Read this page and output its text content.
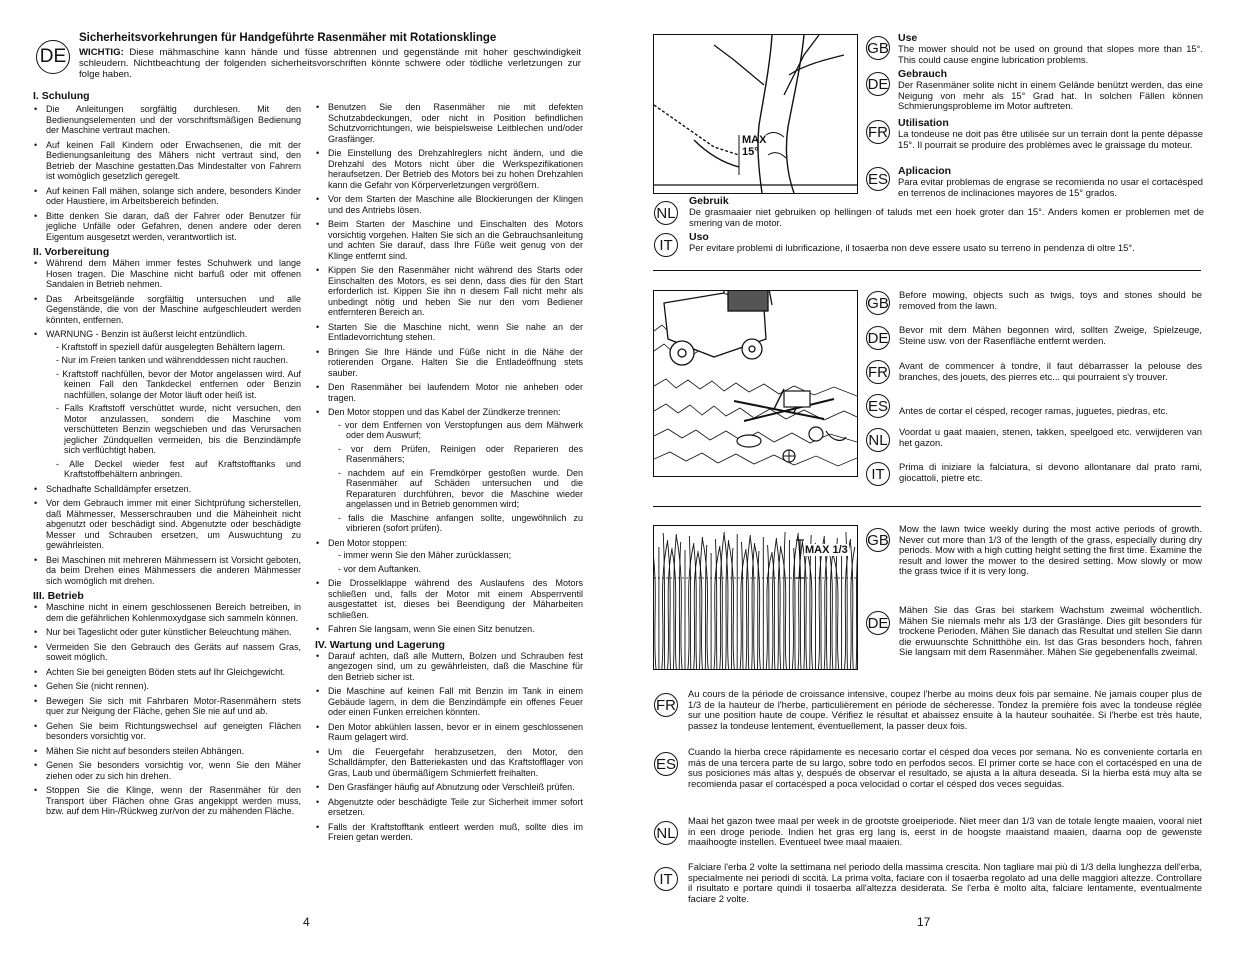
DE
Sicherheitsvorkehrungen für Handgeführte Rasenmäher mit Rotationsklinge
WICHTIG: Diese mähmaschine kann hände und füsse abtrennen und gegenstände mit hoher geschwindigkeit schleudern. Nichtbeachtung der folgenden sicherheitsvorschriften könnte schwere oder tödliche verletzungen zur folge haben.
I. Schulung
• Die Anleitungen sorgfältig durchlesen. Mit den Bedienungselementen und der vorschriftsmäßigen Bedienung der Maschine vertraut machen.
• Auf keinen Fall Kindern oder Erwachsenen, die mit der Bedienungsanleitung des Mähers nicht vertraut sind, den Betrieb der Maschine gestatten.Das Mindestalter von Fahrern ist womöglich gesetzlich geregelt.
• Auf keinen Fall mähen, solange sich andere, besonders Kinder oder Haustiere, im Arbeitsbereich befinden.
• Bitte denken Sie daran, daß der Fahrer oder Benutzer für jegliche Unfälle oder Gefahren, denen andere oder deren Eigentum ausgesetzt werden, verantwortlich ist.
II. Vorbereitung
• Während dem Mähen immer festes Schuhwerk und lange Hosen tragen. Die Maschine nicht barfuß oder mit offenen Sandalen in Betrieb nehmen.
• Das Arbeitsgelände sorgfältig untersuchen und alle Gegenstände, die von der Maschine aufgeschleudert werden könnten, entfernen.
• WARNUNG - Benzin ist äußerst leicht entzündlich.
- Kraftstoff in speziell dafür ausgelegten Behältern lagern.
- Nur im Freien tanken und währenddessen nicht rauchen.
- Kraftstoff nachfüllen, bevor der Motor angelassen wird. Auf keinen Fall den Tankdeckel entfernen oder Benzin nachfüllen, solange der Motor läuft oder heiß ist.
- Falls Kraftstoff verschüttet wurde, nicht versuchen, den Motor anzulassen, sondern die Maschine vom verschütteten Benzin wegschieben und das Verursachen jeglicher Zündquellen vermeiden, bis die Benzindämpfe sich verflüchtigt haben.
- Alle Deckel wieder fest auf Kraftstofftanks und Kraftstoffbehältern anbringen.
• Schadhafte Schalldämpfer ersetzen.
• Vor dem Gebrauch immer mit einer Sichtprüfung sicherstellen, daß Mähmesser, Messerschrauben und die Mäheinheit nicht abgenutzt oder beschädigt sind. Abgenutzte oder beschädigte Messer und Schrauben ersetzen, um Auswuchtung zu gewährleisten.
• Bei Maschinen mit mehreren Mähmessern ist Vorsicht geboten, da beim Drehen eines Mähmessers die anderen Mähmesser sich womöglich mit drehen.
III. Betrieb
• Maschine nicht in einem geschlossenen Bereich betreiben, in dem die gefährlichen Kohlenmoxydgase sich sammeln können.
• Nur bei Tageslicht oder guter künstlicher Beleuchtung mähen.
• Vermeiden Sie den Gebrauch des Geräts auf nassem Gras, soweit möglich.
• Achten Sie bei geneigten Böden stets auf Ihr Gleichgewicht.
• Gehen Sie (nicht rennen).
• Bewegen Sie sich mit Fahrbaren Motor-Rasenmähern stets quer zur Neigung der Fläche, gehen Sie nie auf und ab.
• Gehen Sie beim Richtungswechsel auf geneigten Flächen besonders vorsichtig vor.
• Mähen Sie nicht auf besonders steilen Abhängen.
• Genen Sie besonders vorsichtig vor, wenn Sie den Mäher ziehen oder zu sich hin drehen.
• Stoppen Sie die Klinge, wenn der Rasenmäher für den Transport über Flächen ohne Gras angekippt werden muss, bzw. auf dem Hin-/Rückweg zur/von der zu mähenden Fläche.
• Benutzen Sie den Rasenmäher nie mit defekten Schutzabdeckungen, oder nicht in Position befindlichen Schutzvorrichtungen, wie beispielsweise Leitblechen und/oder Grasfänger.
• Die Einstellung des Drehzahlreglers nicht ändern, und die Drehzahl des Motors nicht über die Werkspezifikationen heraufsetzen. Der Betrieb des Motors bei zu hohen Drehzahlen kann die Gefahr von Körperverletzungen vergrößern.
• Vor dem Starten der Maschine alle Blockierungen der Klingen und des Antriebs lösen.
• Beim Starten der Maschine und Einschalten des Motors vorsichtig vorgehen. Halten Sie sich an die Gebrauchsanleitung und achten Sie darauf, dass Ihre Füße weit genug von der Klinge entfernt sind.
• Kippen Sie den Rasenmäher nicht während des Starts oder Einschalten des Motors, es sei denn, dass dies für den Start erforderlich ist. Kippen Sie ihn n diesem Fall nicht mehr als unbedingt nötig und heben Sie nur den vom Bediener entfernteren Bereich an.
• Starten Sie die Maschine nicht, wenn Sie nahe an der Entladevorrichtung stehen.
• Bringen Sie Ihre Hände und Füße nicht in die Nähe der rotierenden Organe. Halten Sie die Entladeöffnung stets sauber.
• Den Rasenmäher bei laufendem Motor nie anheben oder tragen.
• Den Motor stoppen und das Kabel der Zündkerze trennen:
- vor dem Entfernen von Verstopfungen aus dem Mähwerk oder dem Auswurf;
- vor dem Prüfen, Reinigen oder Reparieren des Rasenmähers;
- nachdem auf ein Fremdkörper gestoßen wurde. Den Rasenmäher auf Schäden untersuchen und die Reparaturen durchführen, bevor die Maschine wieder angelassen und in Betrieb genommen wird;
- falls die Maschine anfangen sollte, ungewöhnlich zu vibrieren (sofort prüfen).
• Den Motor stoppen:
- immer wenn Sie den Mäher zurücklassen;
- vor dem Auftanken.
• Die Drosselklappe während des Auslaufens des Motors schließen und, falls der Motor mit einem Absperrventil ausgestattet ist, dieses bei Beendigung der Mäharbeiten schließen.
• Fahren Sie langsam, wenn Sie einen Sitz benutzen.
IV. Wartung und Lagerung
• Darauf achten, daß alle Muttern, Bolzen und Schrauben fest angezogen sind, um zu gewährleisten, daß die Maschine für den Betrieb sicher ist.
• Die Maschine auf keinen Fall mit Benzin im Tank in einem Gebäude lagern, in dem die Benzindämpfe ein offenes Feuer oder einen Funken erreichen könnten.
• Den Motor abkühlen lassen, bevor er in einem geschlossenen Raum gelagert wird.
• Um die Feuergefahr herabzusetzen, den Motor, den Schalldämpfer, den Batteriekasten und das Kraftstofflager von Gras, Laub und übermäßigem Schmierfett freihalten.
• Den Grasfänger häufig auf Abnutzung oder Verschleiß prüfen.
• Abgenutzte oder beschädigte Teile zur Sicherheit immer sofort ersetzen.
• Falls der Kraftstofftank entleert werden muß, sollte dies im Freien getan werden.
4
MAX
15°
GB
Use
The mower should not be used on ground that slopes more than 15°. This could cause engine lubrication problems.
DE
Gebrauch
Der Rasenmäner solite nicht in einem Gelände benützt werden, das eine Neigung von mehr als 15° Grad hat. In solchen Fällen können Schmierungsprobleme im Motor auftreten.
FR
Utilisation
La tondeuse ne doit pas être utilisée sur un terrain dont la pente dépasse 15°. Il pourrait se produire des problèmes avec le graissage du moteur.
ES Aplicacion
Para evitar problemas de engrase se recomienda no usar el cortacésped en terrenos de inclinaciones mayores de 15° grados.
NL
Gebruik
De grasmaaier niet gebruiken op hellingen of taluds met een hoek groter dan 15°. Anders komen er problemen met de smering van de motor.
IT	Uso
Per evitare problemi di lubrificazione, il tosaerba non deve essere usato su terreno in pendenza di oltre 15°.
GB Before mowing, objects such as twigs, toys and stones should be removed from the lawn.
DE Bevor mit dem Mähen begonnen wird, sollten Zweige, Spielzeuge, Steine usw. von der Rasenfläche entfernt werden.
FR Avant de commencer à tondre, il faut débarrasser la pelouse des branches, des jouets, des pierres etc... qui pourraient s'y trouver.
ES Antes de cortar el césped, recoger ramas, juguetes, piedras, etc.
NL Voordat u gaat maaien, stenen, takken, speelgoed etc. verwijderen van het gazon.
IT	Prima di iniziare la falciatura, si devono allontanare dal prato rami, giocattoli, pietre etc.
MAX 1/3
GB
Mow the lawn twice weekly during the most active periods of growth. Never cut more than 1/3 of the length of the grass, especially during dry periods. Mow with a high cutting height setting the first time. Examine the result and lower the mower to the desired setting. Mow slowly or mow the grass twice if it is very long.
DE
Mähen Sie das Gras bei starkem Wachstum zweimal wöchentlich. Mähen Sie niemals mehr als 1/3 der Graslänge. Dies gilt besonders für trockene Perioden. Mähen Sie danach das Resultat und stellen Sie dann die erwuunschte Schnitthöhe ein. Ist das Gras besonders hoch, fahren Sie langsam mit dem Rasenmäher. Mähen Sie gegebenenfalls zweimal.
FR
Au cours de la période de croissance intensive, coupez l'herbe au moins deux fois par semaine. Ne jamais couper plus de 1/3 de la hauteur de l'herbe, particulièrement en période de sécheresse. Tondez la première fois avec la tondeuse réglée sur une position haute de coupe. Vérifiez le résultat et abaissez ensuite à la hauteur souhaitée. Si l'herbe est très haute, passez la tondeuse lentement, éventuellement, la passer deux fois.
ES
Cuando la hierba crece rápidamente es necesario cortar el césped doa veces por semana. No es conveniente cortarla en más de una tercera parte de su largo, sobre todo en perfodos secos. El primer corte se hace con el cortacésped en una de sus posiciones más altas y, después de observar el resultado, se ajusta a la altura deseada. Si la hierba está muy alta se recomienda pasar el cortacésped a poca velocidad o cortar el césped dos veces seguidas.
NL
Maai het gazon twee maal per week in de grootste groeiperiode. Niet meer dan 1/3 van de totale lengte maaien, vooral niet in een droge periode. Indien het gras erg lang is, eerst in de hoogste maaistand maaien, daarna oop de gewenste maaihoogte instellen. Eventueel twee maal maaien.
IT
Falciare l'erba 2 volte la settimana nel periodo della massima crescita. Non tagliare mai più di 1/3 della lunghezza dell'erba, specialmente nei periodi di sccità. La prima volta, faciare con il tosaerba regolato ad una delle maggiori altezze. Controllare il risultato e portare quindi il tosaerba all'altezza desiderata. Se l'erba è molto alta, falciare lentamente, eventualmente faciare 2 volte.
17
